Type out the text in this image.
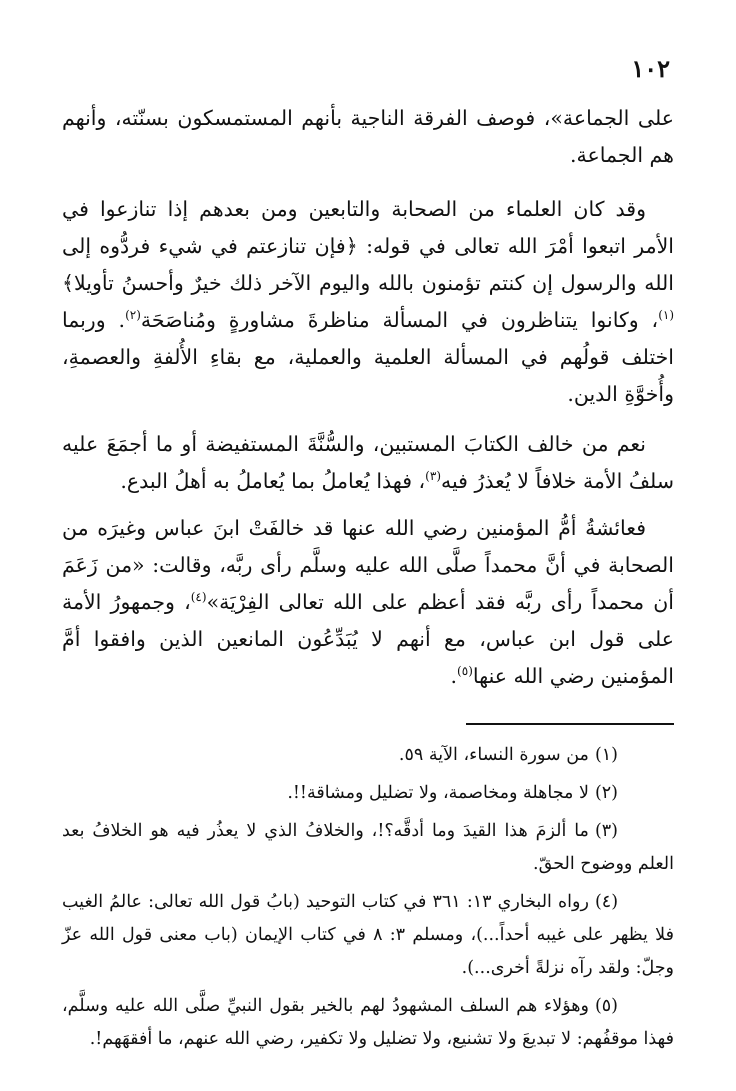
١٠٢

على الجماعة»، فوصف الفرقة الناجية بأنهم المستمسكون بسنّته، وأنهم هم الجماعة.

وقد كان العلماء من الصحابة والتابعين ومن بعدهم إذا تنازعوا في الأمر اتبعوا أمْرَ الله تعالى في قوله: ﴿فإن تنازعتم في شيء فردُّوه إلى الله والرسول إن كنتم تؤمنون بالله واليوم الآخر ذلك خيرٌ وأحسنُ تأويلا﴾$^{(١)}$، وكانوا يتناظرون في المسألة مناظرةَ مشاورةٍ ومُناصَحَة$^{(٢)}$. وربما اختلف قولُهم في المسألة العلمية والعملية، مع بقاءِ الأُلفةِ والعصمةِ، وأُخوَّةِ الدين.

نعم من خالف الكتابَ المستبين، والسُّنَّةَ المستفيضة أو ما أجمَعَ عليه سلفُ الأمة خلافاً لا يُعذرُ فيه$^{(٣)}$، فهذا يُعاملُ بما يُعاملُ به أهلُ البدع.

فعائشةُ أمُّ المؤمنين رضي الله عنها قد خالفَتْ ابنَ عباس وغيرَه من الصحابة في أنَّ محمداً صلَّى الله عليه وسلَّم رأى ربَّه، وقالت: «من زَعَمَ أن محمداً رأى ربَّه فقد أعظم على الله تعالى الفِرْيَة»$^{(٤)}$، وجمهورُ الأمة على قول ابن عباس، مع أنهم لا يُبَدِّعُون المانعين الذين وافقوا أمَّ المؤمنين رضي الله عنها$^{(٥)}$.

(١)من سورة النساء، الآية ٥٩.

(٢)لا مجاهلة ومخاصمة، ولا تضليل ومشاقة!!.

(٣)ما ألزمَ هذا القيدَ وما أدقَّه؟!، والخلافُ الذي لا يعذُر فيه هو الخلافُ بعد العلم ووضوح الحقّ.

(٤)رواه البخاري ١٣: ٣٦١ في كتاب التوحيد (بابُ قول الله تعالى: عالمُ الغيب فلا يظهر على غيبه أحداً...)، ومسلم ٣: ٨ في كتاب الإيمان (باب معنى قول الله عزّ وجلّ: ولقد رآه نزلةً أخرى...).

(٥)وهؤلاء هم السلف المشهودُ لهم بالخير بقول النبيِّ صلَّى الله عليه وسلَّم، فهذا موقفُهم: لا تبديعَ ولا تشنيع، ولا تضليل ولا تكفير، رضي الله عنهم، ما أفقهَهم!.
